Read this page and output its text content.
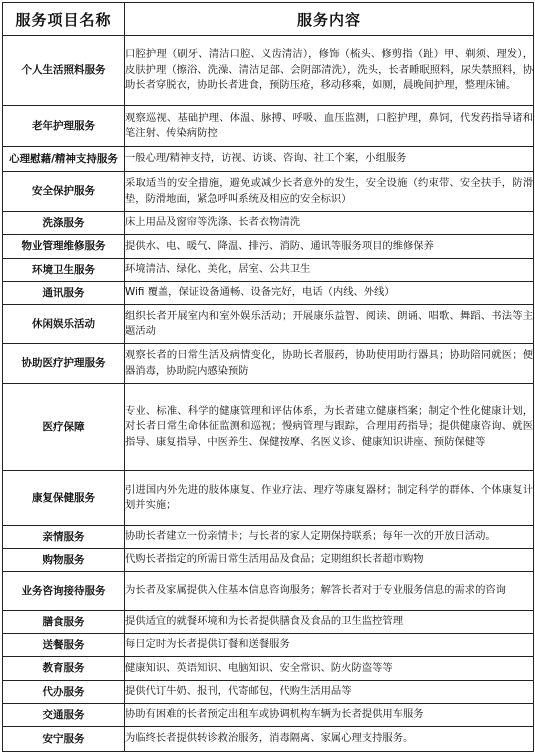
服务项目名称	服务内容
个人生活照料服务	口腔护理（刷牙、清洁口腔、义齿清洁），修饰（梳头、修剪指（趾）甲、剃须、理发），皮肤护理（擦浴、洗澡、清洁足部、会阴部清洗），洗头，长者睡眠照料，尿失禁照料，协助长者穿脱衣，协助长者进食，预防压疮，移动移乘，如厕，晨晚间护理，整理床铺。

老年护理服务	观察巡视、基础护理、体温、脉搏、呼吸、血压监测，口腔护理，鼻饲，代发药指导诸和笔注射、传染病防控

心理慰藉/精神支持服务	一般心理/精神支持，访视、访谈、咨询、社工个案，小组服务

安全保护服务	采取适当的安全措施，避免或减少长者意外的发生，安全设施（约束带、安全扶手，防滑垫，防滑地面，紧急呼叫系统及相应的安全标识）

洗涤服务	床上用品及窗帘等洗涤、长者衣物清洗

物业管理维修服务	提供水、电、暖气、降温、排污、消防、通讯等服务项目的维修保养

环境卫生服务	环境清洁、绿化、美化，居室、公共卫生

通讯服务	Wifi 覆盖，保证设备通畅、设备完好，电话（内线、外线）

休闲娱乐活动	组织长者开展室内和室外娱乐活动；开展康乐益智、阅读、朗诵、唱歌、舞蹈、书法等主题活动

协助医疗护理服务	观察长者的日常生活及病情变化，协助长者服药，协助使用助行器具；协助陪同就医；便器消毒，协助院内感染预防

医疗保障	专业、标准、科学的健康管理和评估体系，为长者建立健康档案；制定个性化健康计划，对长者日常生命体征监测和巡视；慢病管理与跟踪，合理用药指导；提供健康咨询、就医指导、康复指导、中医养生、保健按摩、名医义诊、健康知识讲座、预防保健等

康复保健服务	引进国内外先进的肢体康复、作业疗法、理疗等康复器材；制定科学的群体、个体康复计划并实施；

亲情服务	协助长者建立一份亲情卡；与长者的家人定期保持联系；每年一次的开放日活动。

购物服务	代购长者指定的所需日常生活用品及食品；定期组织长者超市购物

业务咨询接待服务	为长者及家属提供入住基本信息咨询服务；解答长者对于专业服务信息的需求的咨询

膳食服务	提供适宜的就餐环境和为长者提供膳食及食品的卫生监控管理

送餐服务	每日定时为长者提供订餐和送餐服务

教育服务	健康知识、英语知识、电脑知识、安全常识、防火防盗等等

代办服务	提供代订牛奶、报刊，代寄邮包，代购生活用品等

交通服务	协助有困难的长者预定出租车或协调机构车辆为长者提供用车服务

安宁服务	为临终长者提供转诊救治服务，消毒隔离、家属心理支持服务。
